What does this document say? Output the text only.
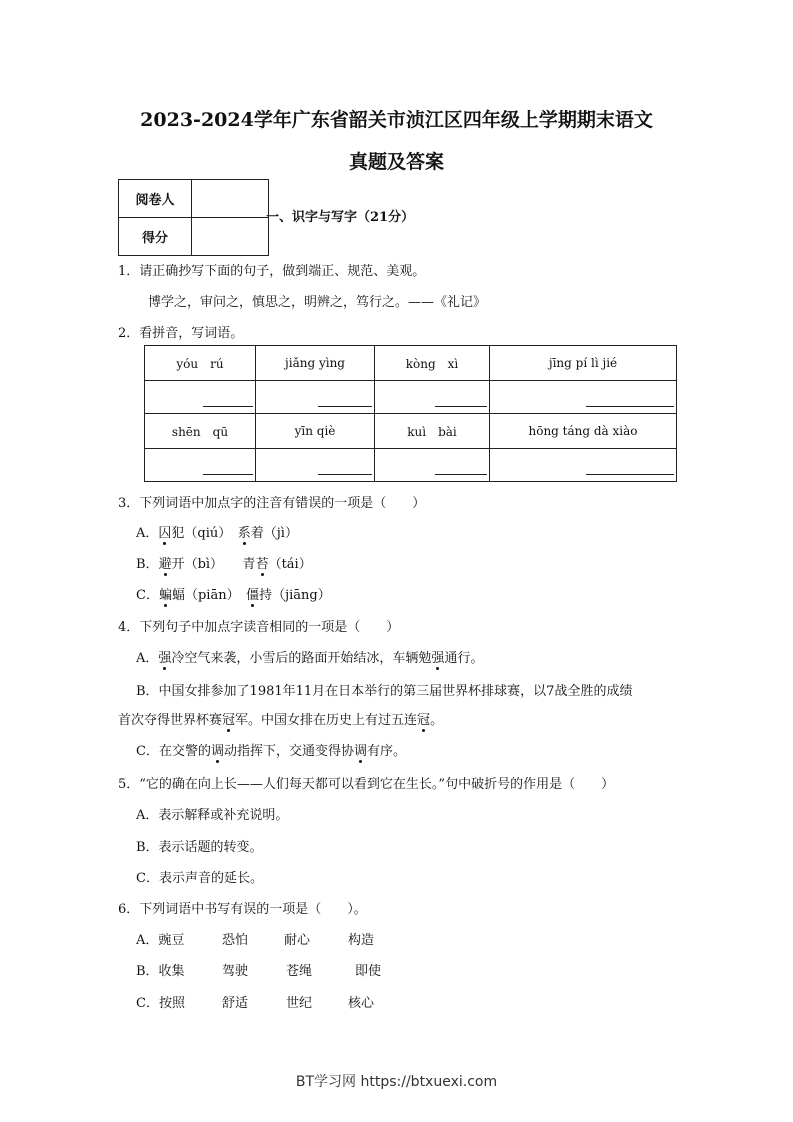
2023-2024学年广东省韶关市浈江区四年级上学期期末语文
真题及答案
阅卷人	
得分	
一、识字与写字（21分）
1．请正确抄写下面的句子，做到端正、规范、美观。
博学之，审问之，慎思之，明辨之，笃行之。——《礼记》
2．看拼音，写词语。
yóu　rú	jiǎng yìng	kòng　xì	jīng pí lì jié

shēn　qū	yīn qiè	kuì　bài	hōng táng dà xiào

3．下列词语中加点字的注音有错误的一项是（　　）
A．囚犯（qiú）　系着（jì）
B．避开（bì）　　青苔（tái）
C．蝙蝠（piān）　僵持（jiāng）
4．下列句子中加点字读音相同的一项是（　　）
A．强冷空气来袭，小雪后的路面开始结冰，车辆勉强通行。
B．中国女排参加了1981年11月在日本举行的第三届世界杯排球赛，以7战全胜的成绩
首次夺得世界杯赛冠军。中国女排在历史上有过五连冠。
C．在交警的调动指挥下，交通变得协调有序。
5．“它的确在向上长——人们每天都可以看到它在生长。”句中破折号的作用是（　　）
A．表示解释或补充说明。
B．表示话题的转变。
C．表示声音的延长。
6．下列词语中书写有误的一项是（　　）。
A．豌豆	恐怕	耐心	构造
B．收集	驾驶	苍绳	即使
C．按照	舒适	世纪	核心
BT学习网 https://btxuexi.com
